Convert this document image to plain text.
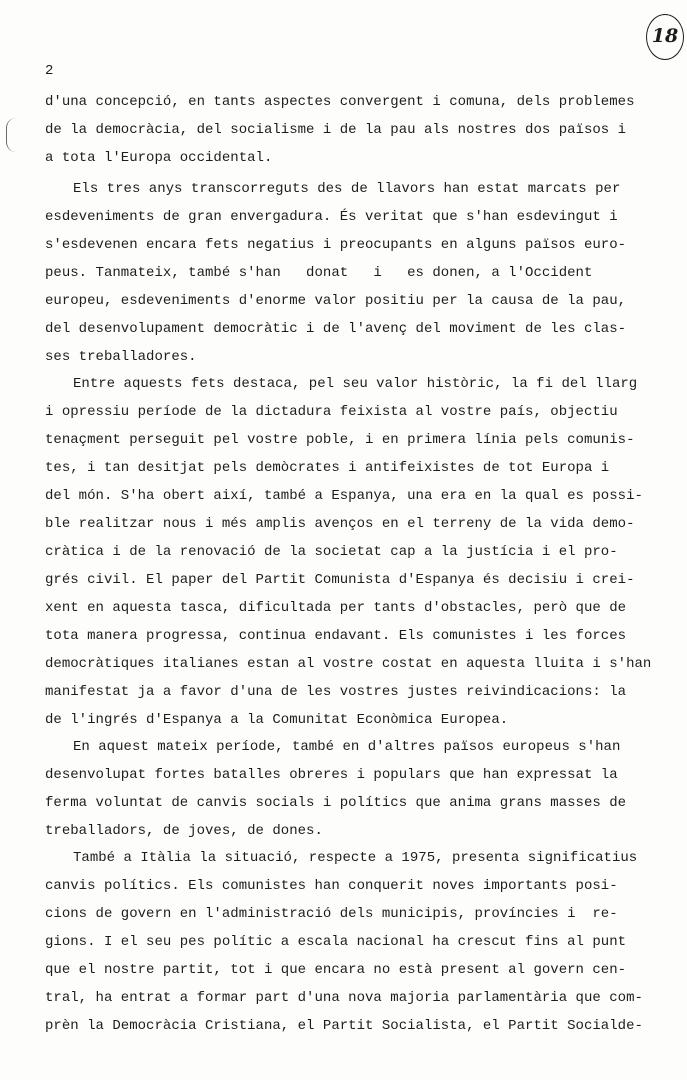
2
18

d'una concepció, en tants aspectes convergent i comuna, dels problemes

de la democràcia, del socialisme i de la pau als nostres dos països i

a tota l'Europa occidental.

Els tres anys transcorreguts des de llavors han estat marcats per

esdeveniments de gran envergadura. És veritat que s'han esdevingut i

s'esdevenen encara fets negatius i preocupants en alguns països euro-

peus. Tanmateix, també s'han   donat   i   es donen, a l'Occident

europeu, esdeveniments d'enorme valor positiu per la causa de la pau,

del desenvolupament democràtic i de l'avenç del moviment de les clas-

ses treballadores.

Entre aquests fets destaca, pel seu valor històric, la fi del llarg

i opressiu període de la dictadura feixista al vostre país, objectiu

tenaçment perseguit pel vostre poble, i en primera línia pels comunis-

tes, i tan desitjat pels demòcrates i antifeixistes de tot Europa i

del món. S'ha obert així, també a Espanya, una era en la qual es possi-

ble realitzar nous i més amplis avenços en el terreny de la vida demo-

cràtica i de la renovació de la societat cap a la justícia i el pro-

grés civil. El paper del Partit Comunista d'Espanya és decisiu i crei-

xent en aquesta tasca, dificultada per tants d'obstacles, però que de

tota manera progressa, continua endavant. Els comunistes i les forces

democràtiques italianes estan al vostre costat en aquesta lluita i s'han

manifestat ja a favor d'una de les vostres justes reivindicacions: la

de l'ingrés d'Espanya a la Comunitat Econòmica Europea.

En aquest mateix període, també en d'altres països europeus s'han

desenvolupat fortes batalles obreres i populars que han expressat la

ferma voluntat de canvis socials i polítics que anima grans masses de

treballadors, de joves, de dones.

També a Itàlia la situació, respecte a 1975, presenta significatius

canvis polítics. Els comunistes han conquerit noves importants posi-

cions de govern en l'administració dels municipis, províncies i  re-

gions. I el seu pes polític a escala nacional ha crescut fins al punt

que el nostre partit, tot i que encara no està present al govern cen-

tral, ha entrat a formar part d'una nova majoria parlamentària que com-

prèn la Democràcia Cristiana, el Partit Socialista, el Partit Socialde-
